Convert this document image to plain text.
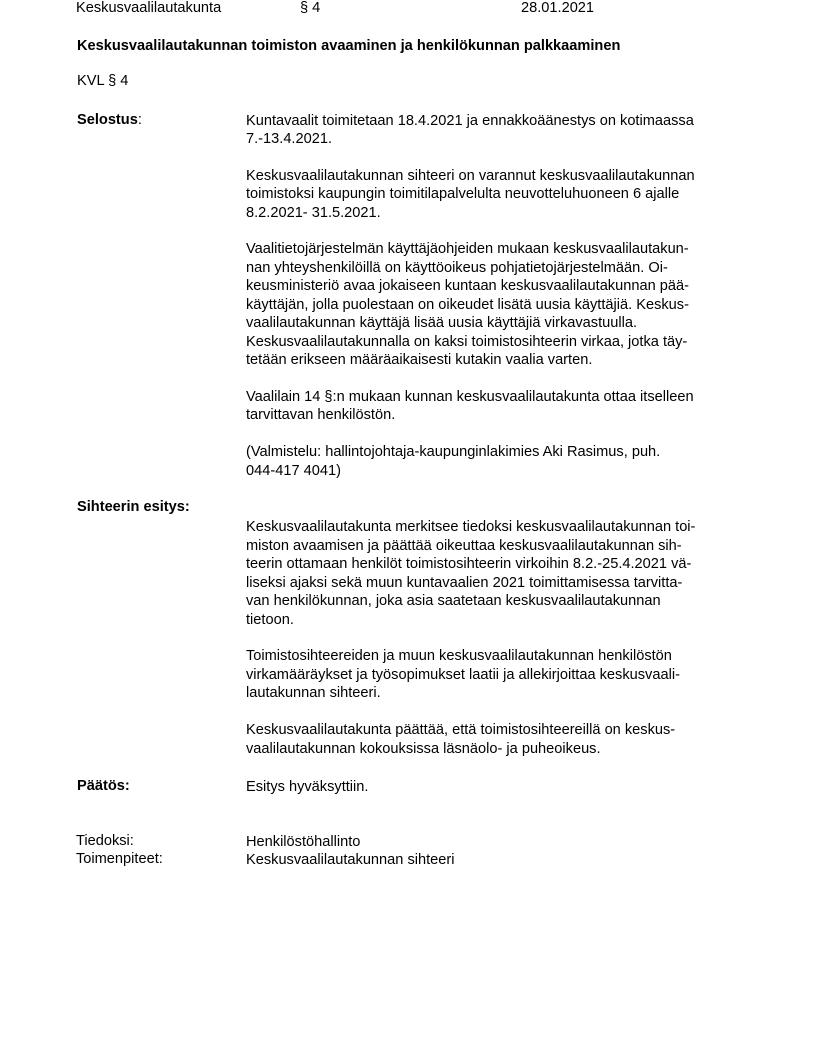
Keskusvaalilautakunta	§ 4	28.01.2021
Keskusvaalilautakunnan toimiston avaaminen ja henkilökunnan palkkaaminen
KVL § 4
Selostus:	Kuntavaalit toimitetaan 18.4.2021 ja ennakkoäänestys on kotimaassa
7.-13.4.2021.
Keskusvaalilautakunnan sihteeri on varannut keskusvaalilautakunnan
toimistoksi kaupungin toimitilapalvelulta neuvotteluhuoneen 6 ajalle
8.2.2021- 31.5.2021.
Vaalitietojärjestelmän käyttäjäohjeiden mukaan keskusvaalilautakun-
nan yhteyshenkilöillä on käyttöoikeus pohjatietojärjestelmään. Oi-
keusministeriö avaa jokaiseen kuntaan keskusvaalilautakunnan pää-
käyttäjän, jolla puolestaan on oikeudet lisätä uusia käyttäjiä. Keskus-
vaalilautakunnan käyttäjä lisää uusia käyttäjiä virkavastuulla.
Keskusvaalilautakunnalla on kaksi toimistosihteerin virkaa, jotka täy-
tetään erikseen määräaikaisesti kutakin vaalia varten.
Vaalilain 14 §:n mukaan kunnan keskusvaalilautakunta ottaa itselleen
tarvittavan henkilöstön.
(Valmistelu: hallintojohtaja-kaupunginlakimies Aki Rasimus, puh.
044-417 4041)
Sihteerin esitys:
Keskusvaalilautakunta merkitsee tiedoksi keskusvaalilautakunnan toi-
miston avaamisen ja päättää oikeuttaa keskusvaalilautakunnan sih-
teerin ottamaan henkilöt toimistosihteerin virkoihin 8.2.-25.4.2021 vä-
liseksi ajaksi sekä muun kuntavaalien 2021 toimittamisessa tarvitta-
van henkilökunnan, joka asia saatetaan keskusvaalilautakunnan
tietoon.
Toimistosihteereiden ja muun keskusvaalilautakunnan henkilöstön
virkamääräykset ja työsopimukset laatii ja allekirjoittaa keskusvaali-
lautakunnan sihteeri.
Keskusvaalilautakunta päättää, että toimistosihteereillä on keskus-
vaalilautakunnan kokouksissa läsnäolo- ja puheoikeus.
Päätös:	Esitys hyväksyttiin.
Tiedoksi:	Henkilöstöhallinto
Toimenpiteet:	Keskusvaalilautakunnan sihteeri
